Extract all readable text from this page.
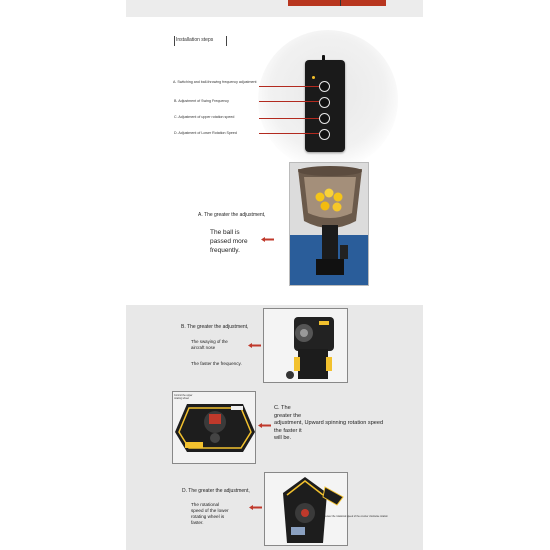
Installation steps
A. Switching and ball-throwing frequency adjustment
B. Adjustment of Swing Frequency
C. Adjustment of upper rotation speed
D. Adjustment of Lower Rotation Speed
A. The greater the adjustment,
The ball is
passed more
frequently.
B. The greater the adjustment,
The swaying of the
aircraft nose
The faster the frequency.
Control the upper rotating wheel
C. The
greater the
adjustment, Upward spinning rotation speed
the faster it
will be.
D. The greater the adjustment,
The rotational
speed of the lower
rotating wheel is
faster.
Lower the rotational speed of the counter clockwise rotation
